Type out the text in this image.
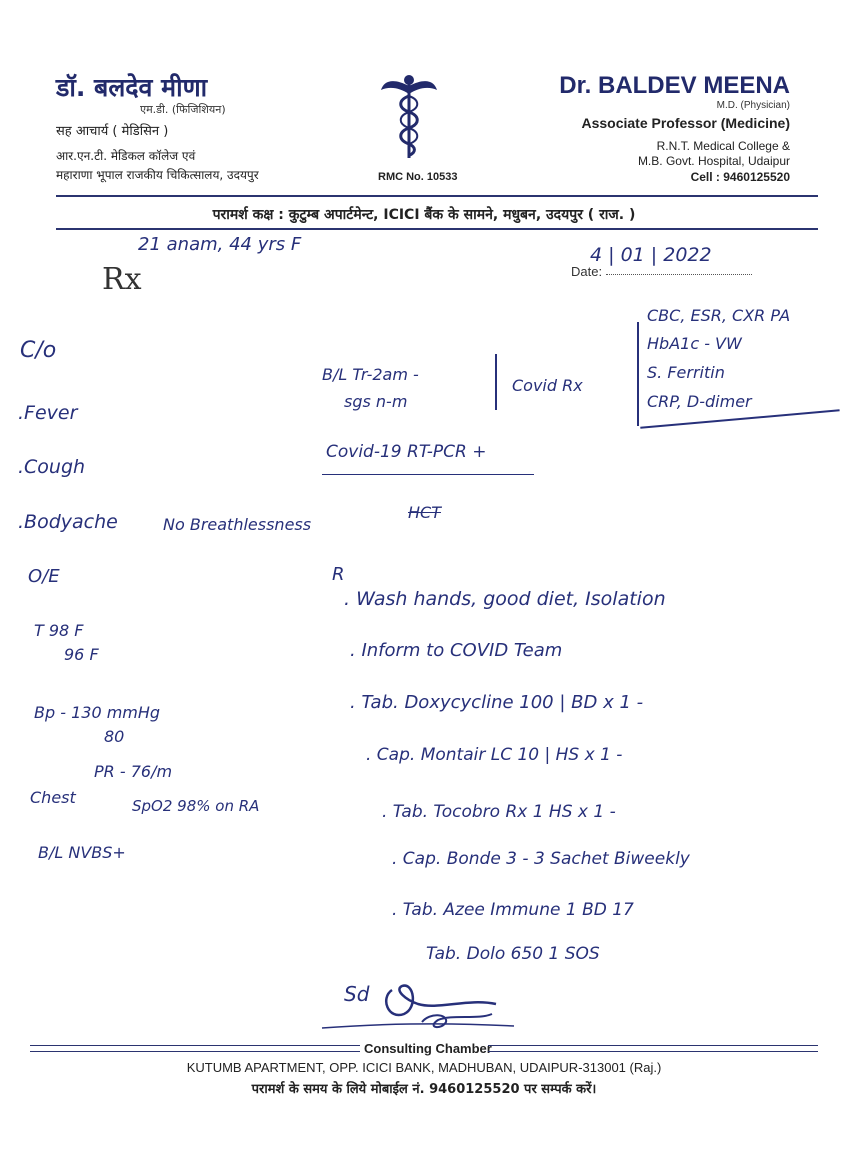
डॉ. बलदेव मीणा
एम.डी. (फिजिशियन)
सह आचार्य ( मेडिसिन )
आर.एन.टी. मेडिकल कॉलेज एवं
महाराणा भूपाल राजकीय चिकित्सालय, उदयपुर	RMC No. 10533
Dr. BALDEV MEENA
M.D. (Physician)
Associate Professor (Medicine)
R.N.T. Medical College &
M.B. Govt. Hospital, Udaipur
Cell : 9460125520
परामर्श कक्ष : कुटुम्ब अपार्टमेन्ट, ICICI बैंक के सामने, मधुबन, उदयपुर ( राज. )
Rx	Date:
4 | 01 | 2022
21 anam, 44 yrs F
C/o
.Fever
.Cough
.Bodyache	No Breathlessness
O/E
T 98 F
96 F
Bp - 130 mmHg
80
PR - 76/m
Chest	SpO2 98% on RA
B/L NVBS+
CBC, ESR, CXR PA
HbA1c - VW
S. Ferritin
CRP, D-dimer
B/L Tr-2am -
sgs n-m
Covid Rx
Covid-19 RT-PCR +
HCT
R
. Wash hands, good diet, Isolation
. Inform to COVID Team
. Tab. Doxycycline 100 | BD x 1 -
. Cap. Montair LC 10 | HS x 1 -
. Tab. Tocobro Rx 1 HS x 1 -
. Cap. Bonde 3 - 3 Sachet Biweekly
. Tab. Azee Immune 1 BD 17
Tab. Dolo 650 1 SOS
Sd
Consulting Chamber
KUTUMB APARTMENT, OPP. ICICI BANK, MADHUBAN, UDAIPUR-313001 (Raj.)
परामर्श के समय के लिये मोबाईल नं. 9460125520 पर सम्पर्क करें।
